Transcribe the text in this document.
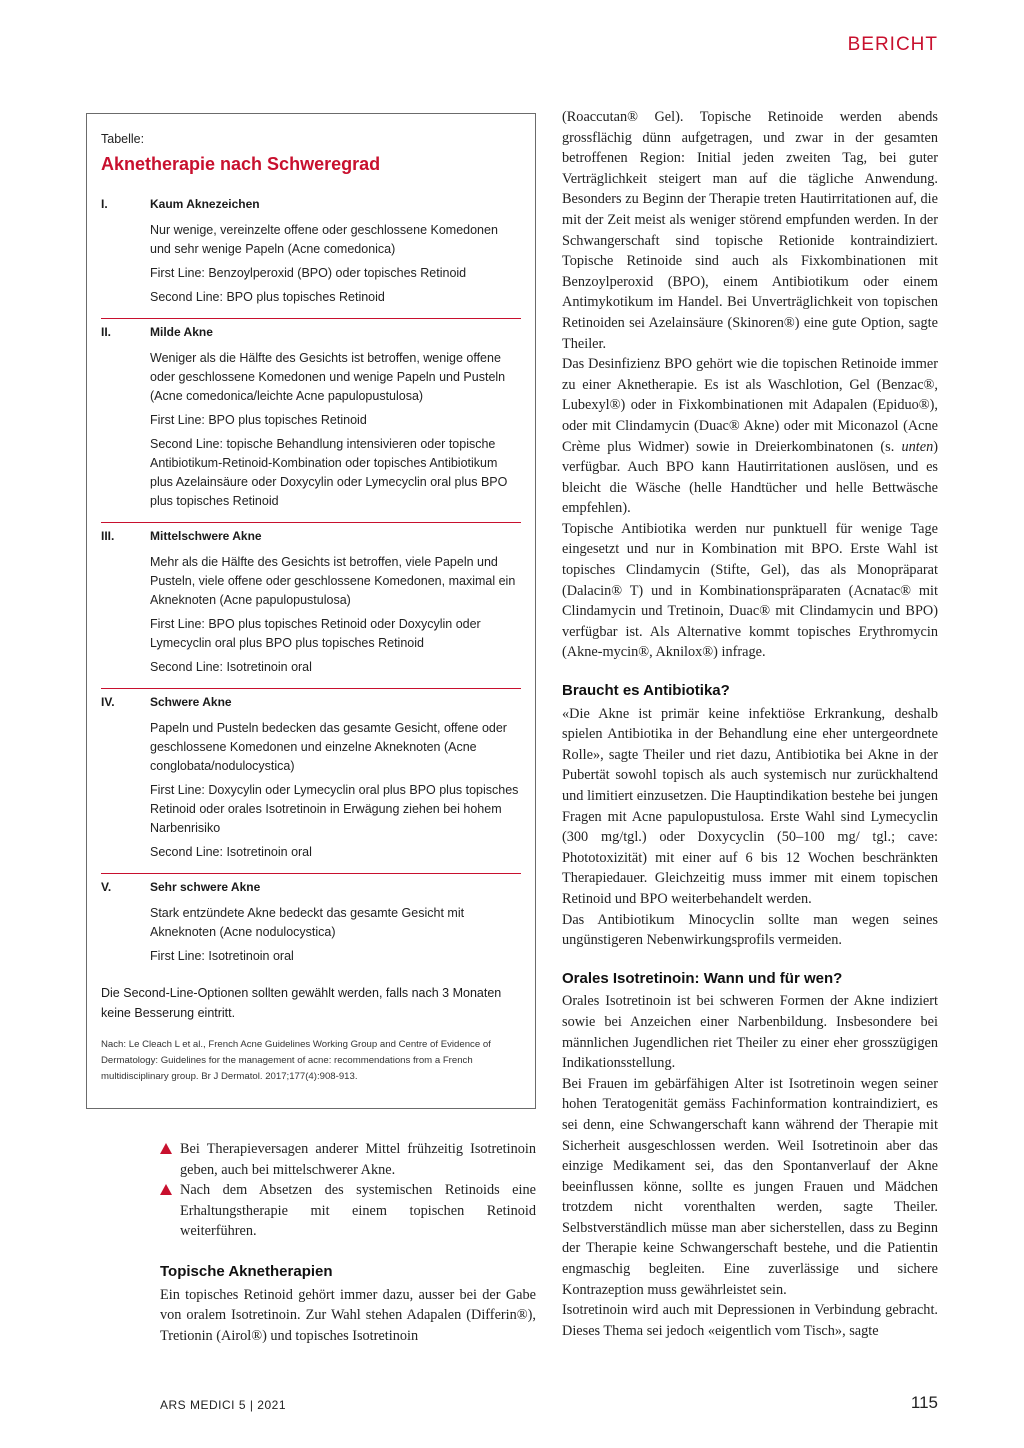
BERICHT
Tabelle:
Aknetherapie nach Schweregrad
I.	Kaum Aknezeichen

Nur wenige, vereinzelte offene oder geschlossene Komedonen und sehr wenige Papeln (Acne comedonica)

First Line: Benzoylperoxid (BPO) oder topisches Retinoid

Second Line: BPO plus topisches Retinoid

II.	Milde Akne

Weniger als die Hälfte des Gesichts ist betroffen, wenige offene oder geschlossene Komedonen und wenige Papeln und Pusteln (Acne comedonica/leichte Acne papulopustulosa)

First Line: BPO plus topisches Retinoid

Second Line: topische Behandlung intensivieren oder topische Antibiotikum-Retinoid-Kombination oder topisches Antibiotikum plus Azelainsäure oder Doxycylin oder Lymecyclin oral plus BPO plus topisches Retinoid

III.	Mittelschwere Akne

Mehr als die Hälfte des Gesichts ist betroffen, viele Papeln und Pusteln, viele offene oder geschlossene Komedonen, maximal ein Akneknoten (Acne papulopustulosa)

First Line: BPO plus topisches Retinoid oder Doxycylin oder Lymecyclin oral plus BPO plus topisches Retinoid

Second Line: Isotretinoin oral

IV.	Schwere Akne

Papeln und Pusteln bedecken das gesamte Gesicht, offene oder geschlossene Komedonen und einzelne Akneknoten (Acne conglobata/nodulocystica)

First Line: Doxycylin oder Lymecyclin oral plus BPO plus topisches Retinoid oder orales Isotretinoin in Erwägung ziehen bei hohem Narbenrisiko

Second Line: Isotretinoin oral

V.	Sehr schwere Akne

Stark entzündete Akne bedeckt das gesamte Gesicht mit Akneknoten (Acne nodulocystica)

First Line: Isotretinoin oral

Die Second-Line-Optionen sollten gewählt werden, falls nach 3 Monaten keine Besserung eintritt.
Nach: Le Cleach L et al., French Acne Guidelines Working Group and Centre of Evidence of Dermatology: Guidelines for the management of acne: recommendations from a French multidisciplinary group. Br J Dermatol. 2017;177(4):908-913.
Bei Therapieversagen anderer Mittel frühzeitig Isotretinoin geben, auch bei mittelschwerer Akne.
Nach dem Absetzen des systemischen Retinoids eine Erhaltungstherapie mit einem topischen Retinoid weiterführen.
Topische Aknetherapien

Ein topisches Retinoid gehört immer dazu, ausser bei der Gabe von oralem Isotretinoin. Zur Wahl stehen Adapalen (Differin®), Tretionin (Airol®) und topisches Isotretinoin

(Roaccutan® Gel). Topische Retinoide werden abends grossflächig dünn aufgetragen, und zwar in der gesamten betroffenen Region: Initial jeden zweiten Tag, bei guter Verträglichkeit steigert man auf die tägliche Anwendung. Besonders zu Beginn der Therapie treten Hautirritationen auf, die mit der Zeit meist als weniger störend empfunden werden. In der Schwangerschaft sind topische Retionide kontraindiziert. Topische Retinoide sind auch als Fixkombinationen mit Benzoylperoxid (BPO), einem Antibiotikum oder einem Antimykotikum im Handel. Bei Unverträglichkeit von topischen Retinoiden sei Azelainsäure (Skinoren®) eine gute Option, sagte Theiler.

Das Desinfizienz BPO gehört wie die topischen Retinoide immer zu einer Aknetherapie. Es ist als Waschlotion, Gel (Benzac®, Lubexyl®) oder in Fixkombinationen mit Adapalen (Epiduo®), oder mit Clindamycin (Duac® Akne) oder mit Miconazol (Acne Crème plus Widmer) sowie in Dreierkombinatonen (s. unten) verfügbar. Auch BPO kann Hautirritationen auslösen, und es bleicht die Wäsche (helle Handtücher und helle Bettwäsche empfehlen).

Topische Antibiotika werden nur punktuell für wenige Tage eingesetzt und nur in Kombination mit BPO. Erste Wahl ist topisches Clindamycin (Stifte, Gel), das als Monopräparat (Dalacin® T) und in Kombinationspräparaten (Acnatac® mit Clindamycin und Tretinoin, Duac® mit Clindamycin und BPO) verfügbar ist. Als Alternative kommt topisches Erythromycin (Akne-mycin®, Aknilox®) infrage.

Braucht es Antibiotika?

«Die Akne ist primär keine infektiöse Erkrankung, deshalb spielen Antibiotika in der Behandlung eine eher untergeordnete Rolle», sagte Theiler und riet dazu, Antibiotika bei Akne in der Pubertät sowohl topisch als auch systemisch nur zurückhaltend und limitiert einzusetzen. Die Hauptindikation bestehe bei jungen Fragen mit Acne papulopustulosa. Erste Wahl sind Lymecyclin (300 mg/tgl.) oder Doxycyclin (50–100 mg/ tgl.; cave: Phototoxizität) mit einer auf 6 bis 12 Wochen beschränkten Therapiedauer. Gleichzeitig muss immer mit einem topischen Retinoid und BPO weiterbehandelt werden.

Das Antibiotikum Minocyclin sollte man wegen seines ungünstigeren Nebenwirkungsprofils vermeiden.

Orales Isotretinoin: Wann und für wen?

Orales Isotretinoin ist bei schweren Formen der Akne indiziert sowie bei Anzeichen einer Narbenbildung. Insbesondere bei männlichen Jugendlichen riet Theiler zu einer eher grosszügigen Indikationsstellung.

Bei Frauen im gebärfähigen Alter ist Isotretinoin wegen seiner hohen Teratogenität gemäss Fachinformation kontraindiziert, es sei denn, eine Schwangerschaft kann während der Therapie mit Sicherheit ausgeschlossen werden. Weil Isotretinoin aber das einzige Medikament sei, das den Spontanverlauf der Akne beeinflussen könne, sollte es jungen Frauen und Mädchen trotzdem nicht vorenthalten werden, sagte Theiler. Selbstverständlich müsse man aber sicherstellen, dass zu Beginn der Therapie keine Schwangerschaft bestehe, und die Patientin engmaschig begleiten. Eine zuverlässige und sichere Kontrazeption muss gewährleistet sein.

Isotretinoin wird auch mit Depressionen in Verbindung gebracht. Dieses Thema sei jedoch «eigentlich vom Tisch», sagte

ARS MEDICI 5 | 2021	115
